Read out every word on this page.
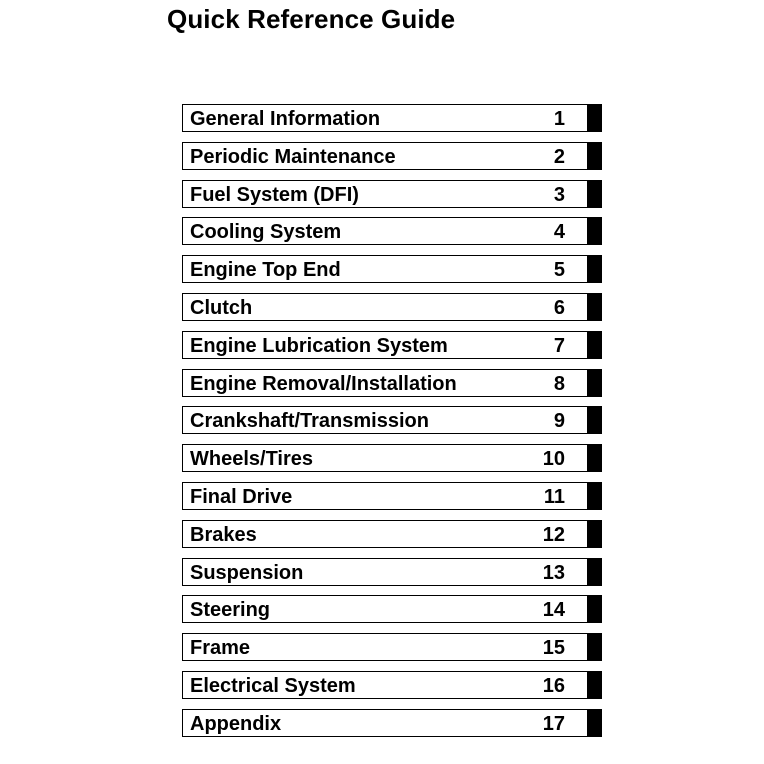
Quick Reference Guide
General Information	1
Periodic Maintenance	2
Fuel System (DFI)	3
Cooling System	4
Engine Top End	5
Clutch	6
Engine Lubrication System	7
Engine Removal/Installation	8
Crankshaft/Transmission	9
Wheels/Tires	10
Final Drive	11
Brakes	12
Suspension	13
Steering	14
Frame	15
Electrical System	16
Appendix	17
